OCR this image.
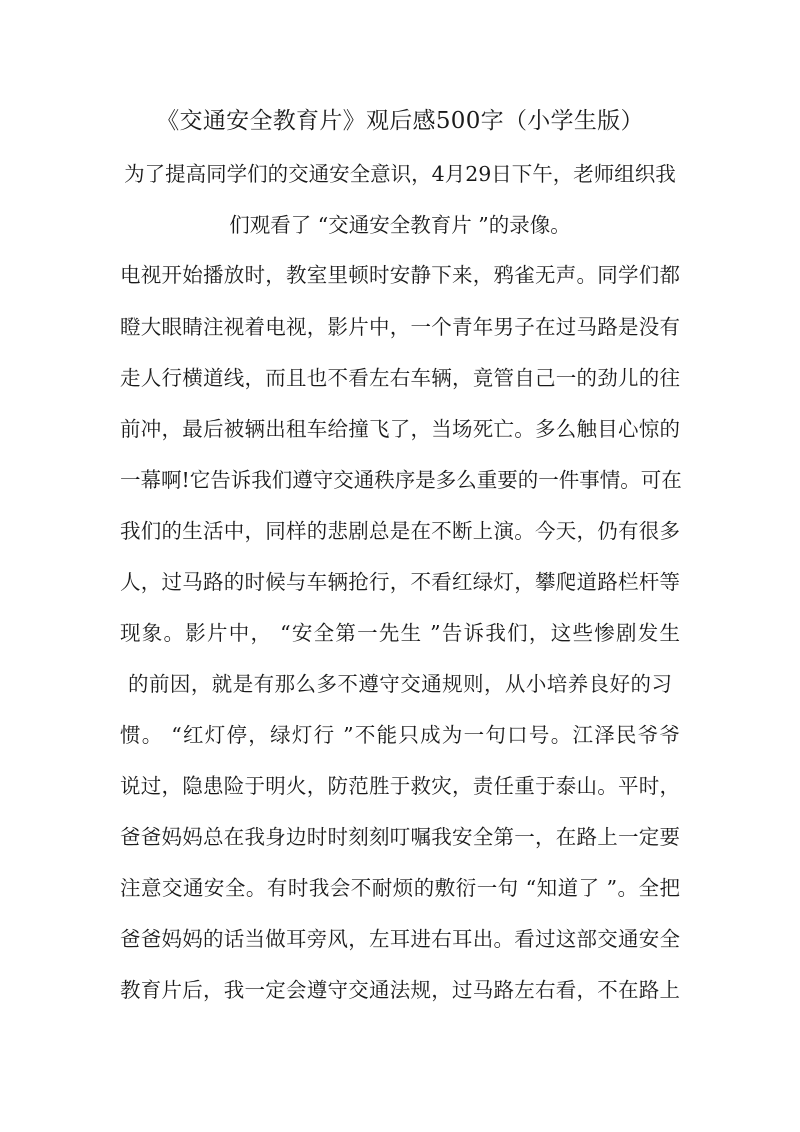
《交通安全教育片》观后感500字（小学生版）
为了提高同学们的交通安全意识，4月29日下午，老师组织我
们观看了 “交通安全教育片 ”的录像。
电视开始播放时，教室里顿时安静下来，鸦雀无声。同学们都
瞪大眼睛注视着电视，影片中，一个青年男子在过马路是没有
走人行横道线，而且也不看左右车辆，竟管自己一的劲儿的往
前冲，最后被辆出租车给撞飞了，当场死亡。多么触目心惊的
一幕啊!它告诉我们遵守交通秩序是多么重要的一件事情。可在
我们的生活中，同样的悲剧总是在不断上演。今天，仍有很多
人，过马路的时候与车辆抢行，不看红绿灯，攀爬道路栏杆等
现象。影片中， “安全第一先生 ”告诉我们，这些惨剧发生
的前因，就是有那么多不遵守交通规则，从小培养良好的习
惯。 “红灯停，绿灯行 ”不能只成为一句口号。江泽民爷爷
说过，隐患险于明火，防范胜于救灾，责任重于泰山。平时，
爸爸妈妈总在我身边时时刻刻叮嘱我安全第一，在路上一定要
注意交通安全。有时我会不耐烦的敷衍一句 “知道了 ”。全把
爸爸妈妈的话当做耳旁风，左耳进右耳出。看过这部交通安全
教育片后，我一定会遵守交通法规，过马路左右看，不在路上
